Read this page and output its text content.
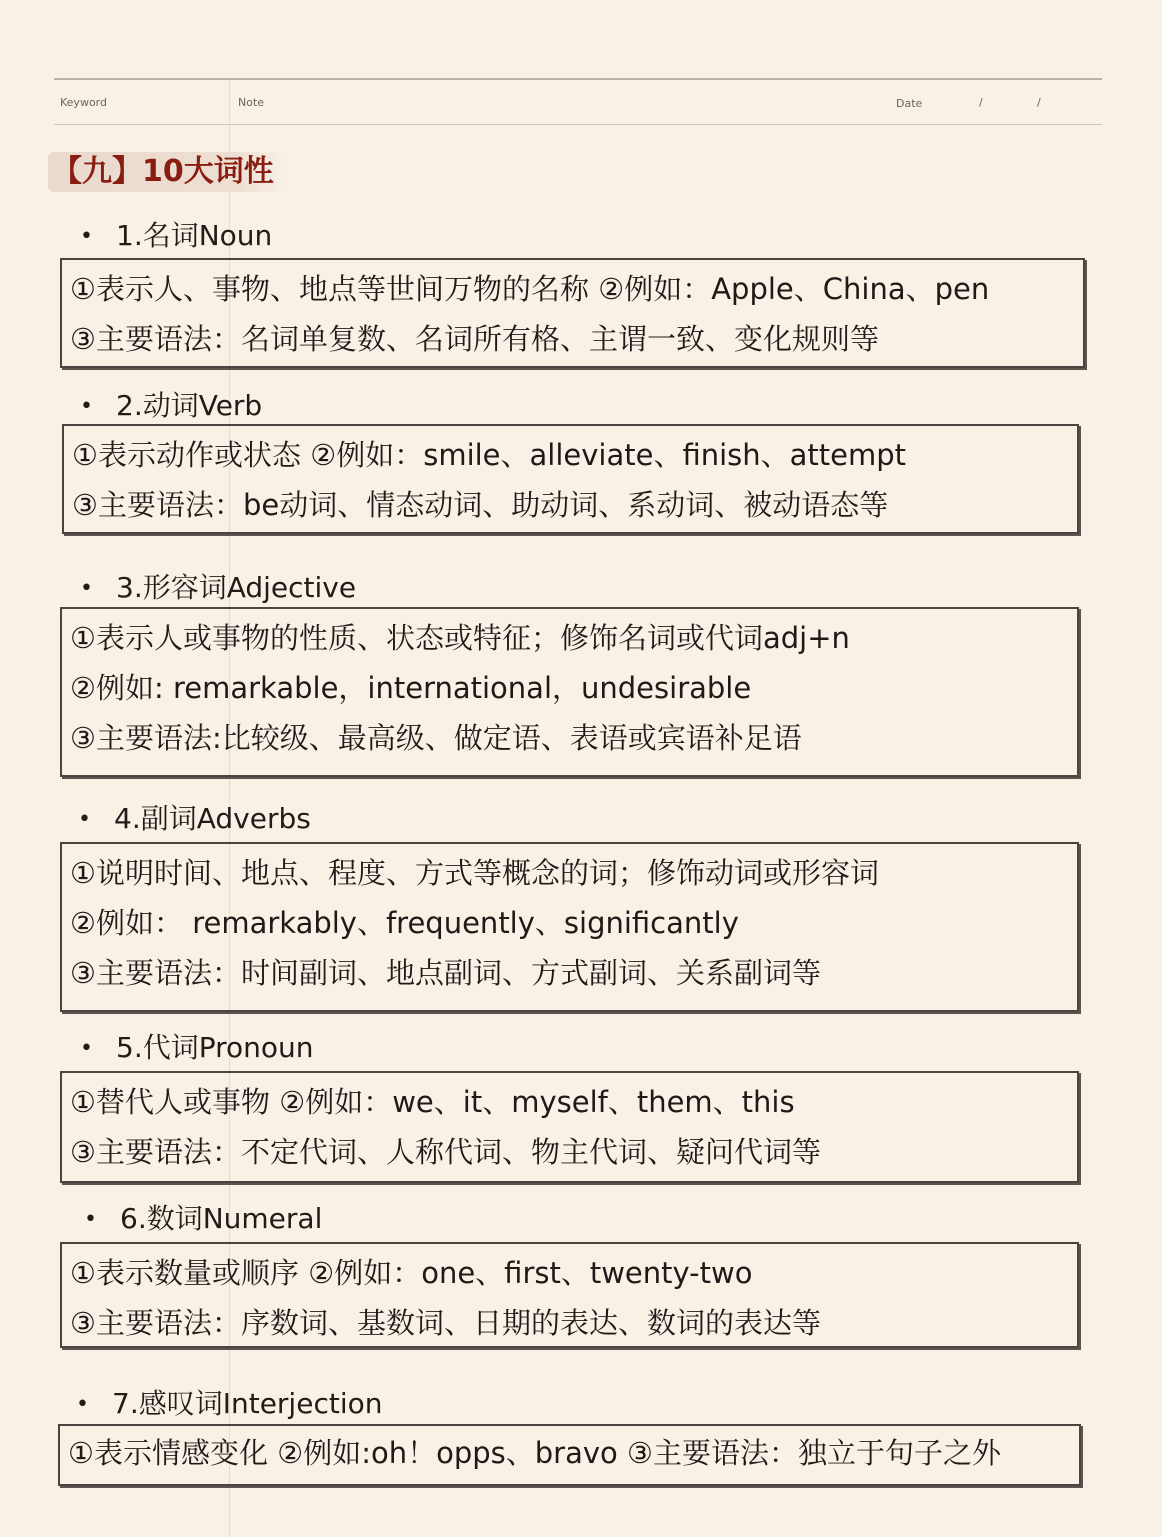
Keyword	Note	Date	/	/
【九】10大词性
• 1.名词Noun
①表示人、事物、地点等世间万物的名称 ②例如：Apple、China、pen
③主要语法：名词单复数、名词所有格、主谓一致、变化规则等
• 2.动词Verb
①表示动作或状态 ②例如：smile、alleviate、finish、attempt
③主要语法：be动词、情态动词、助动词、系动词、被动语态等
• 3.形容词Adjective
①表示人或事物的性质、状态或特征；修饰名词或代词adj+n
②例如: remarkable，international，undesirable
③主要语法:比较级、最高级、做定语、表语或宾语补足语
• 4.副词Adverbs
①说明时间、地点、程度、方式等概念的词；修饰动词或形容词
②例如： remarkably、frequently、significantly
③主要语法：时间副词、地点副词、方式副词、关系副词等
• 5.代词Pronoun
①替代人或事物 ②例如：we、it、myself、them、this
③主要语法：不定代词、人称代词、物主代词、疑问代词等
• 6.数词Numeral
①表示数量或顺序 ②例如：one、first、twenty-two
③主要语法：序数词、基数词、日期的表达、数词的表达等
• 7.感叹词Interjection
①表示情感变化 ②例如:oh！opps、bravo ③主要语法：独立于句子之外
